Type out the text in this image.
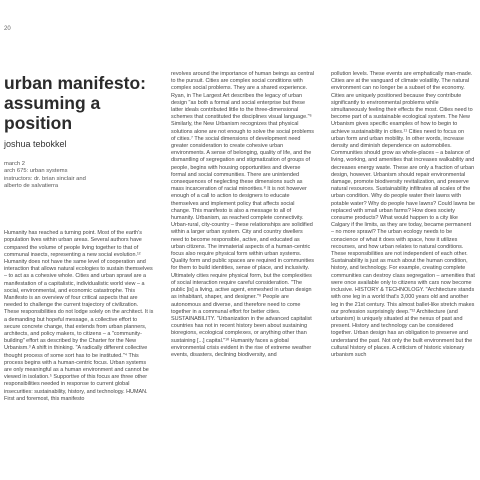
20
urban manifesto:
assuming a
position
joshua tebokkel
march 2
arch 675: urban systems
instructors: dr. brian sinclair and
alberto de salvatierra

Humanity has reached a turning point. Most of the earth's population lives within urban areas. Several authors have compared the volume of people living together to that of communal insects, representing a new social evolution.¹² Humanity does not have the same level of cooperation and interaction that allows natural ecologies to sustain themselves – to act as a cohesive whole. Cities and urban sprawl are a manifestation of a capitalistic, individualistic world view – a social, environmental, and economic catastrophe. This Manifesto is an overview of four critical aspects that are needed to challenge the current trajectory of civilization. These responsibilities do not lodge solely on the architect. It is a demanding but hopeful message, a collective effort to secure concrete change, that extends from urban planners, architects, and policy makers, to citizens – a "community-building" effort as described by the Charter for the New Urbanism.³ A shift in thinking. "A radically different collective thought process of some sort has to be instituted."⁴ This process begins with a human-centric focus. Urban systems are only meaningful as a human environment and cannot be viewed in isolation.⁵ Supportive of this focus are three other responsibilities needed in response to current global insecurities: sustainability, history, and technology. HUMAN. First and foremost, this manifesto

revolves around the importance of human beings as central to the pursuit. Cities are complex social conditions with complex social problems. They are a shared experience. Ryan, in The Largest Art describes the legacy of urban design "as both a formal and social enterprise but these latter ideals contributed little to the three-dimensional schemes that constituted the disciplines visual language."⁶ Similarly, the New Urbanism recognizes that physical solutions alone are not enough to solve the social problems of cities.⁷ The social dimensions of development need greater consideration to create cohesive urban environments. A sense of belonging, quality of life, and the dismantling of segregation and stigmatization of groups of people, begins with housing opportunities and diverse formal and social communities. There are unintended consequences of neglecting these dimensions such as mass incarceration of racial minorities.⁸ It is not however enough of a call to action to designers to educate themselves and implement policy that affects social change. This manifesto is also a message to all of humanity. Urbanism, as reached complete connectivity. Urban-rural, city-country – these relationships are solidified within a larger urban system. City and country dwellers need to become responsible, active, and educated as urban citizens. The immaterial aspects of a human-centric focus also require physical form within urban systems. Quality form and public spaces are required in communities for them to build identities, sense of place, and inclusivity. Ultimately cities require physical form, but the complexities of social interaction require careful consideration. "The public [is] a living, active agent, enmeshed in urban design as inhabitant, shaper, and designer."⁹ People are autonomous and diverse, and therefore need to come together in a communal effort for better cities. SUSTAINABILITY. "Urbanization in the advanced capitalist countries has not in recent history been about sustaining bioregions, ecological complexes, or anything other than sustaining [...] capital."¹⁰ Humanity faces a global environmental crisis evident in the rise of extreme weather events, disasters, declining biodiversity, and

pollution levels. These events are emphatically man-made. Cities are at the vanguard of climate volatility. The natural environment can no longer be a subset of the economy. Cities are uniquely positioned because they contribute significantly to environmental problems while simultaneously feeling their effects the most. Cities need to become part of a sustainable ecological system. The New Urbanism gives specific examples of how to begin to achieve sustainability in cities.¹¹ Cities need to focus on urban form and urban mobility. In other words, increase density and diminish dependence on automobiles. Communities should grow as whole-places – a balance of living, working, and amenities that increases walkability and decreases energy waste. These are only a fraction of urban design, however. Urbanism should repair environmental damage, promote biodiversity revitalization, and preserve natural resources. Sustainability infiltrates all scales of the urban condition. Why do people water their lawns with potable water? Why do people have lawns? Could lawns be replaced with small urban farms? How does society consume products? What would happen to a city like Calgary if the limits, as they are today, became permanent – no more sprawl? The urban ecology needs to be conscience of what it does with space, how it utilizes recourses, and how urban relates to natural conditions. These responsibilities are not independent of each other. Sustainability is just as much about the human condition, history, and technology. For example, creating complete communities can destroy class segregation – amenities that were once available only to citizens with cars now become inclusive. HISTORY & TECHNOLOGY. "Architecture stands with one leg in a world that's 3,000 years old and another leg in the 21st century. This almost ballet-like stretch makes our profession surprisingly deep."¹² Architecture (and urbanism) is uniquely situated at the nexus of past and present. History and technology can be considered together. Urban design has an obligation to preserve and understand the past. Not only the built environment but the cultural history of places. A criticism of historic visionary urbanism such
